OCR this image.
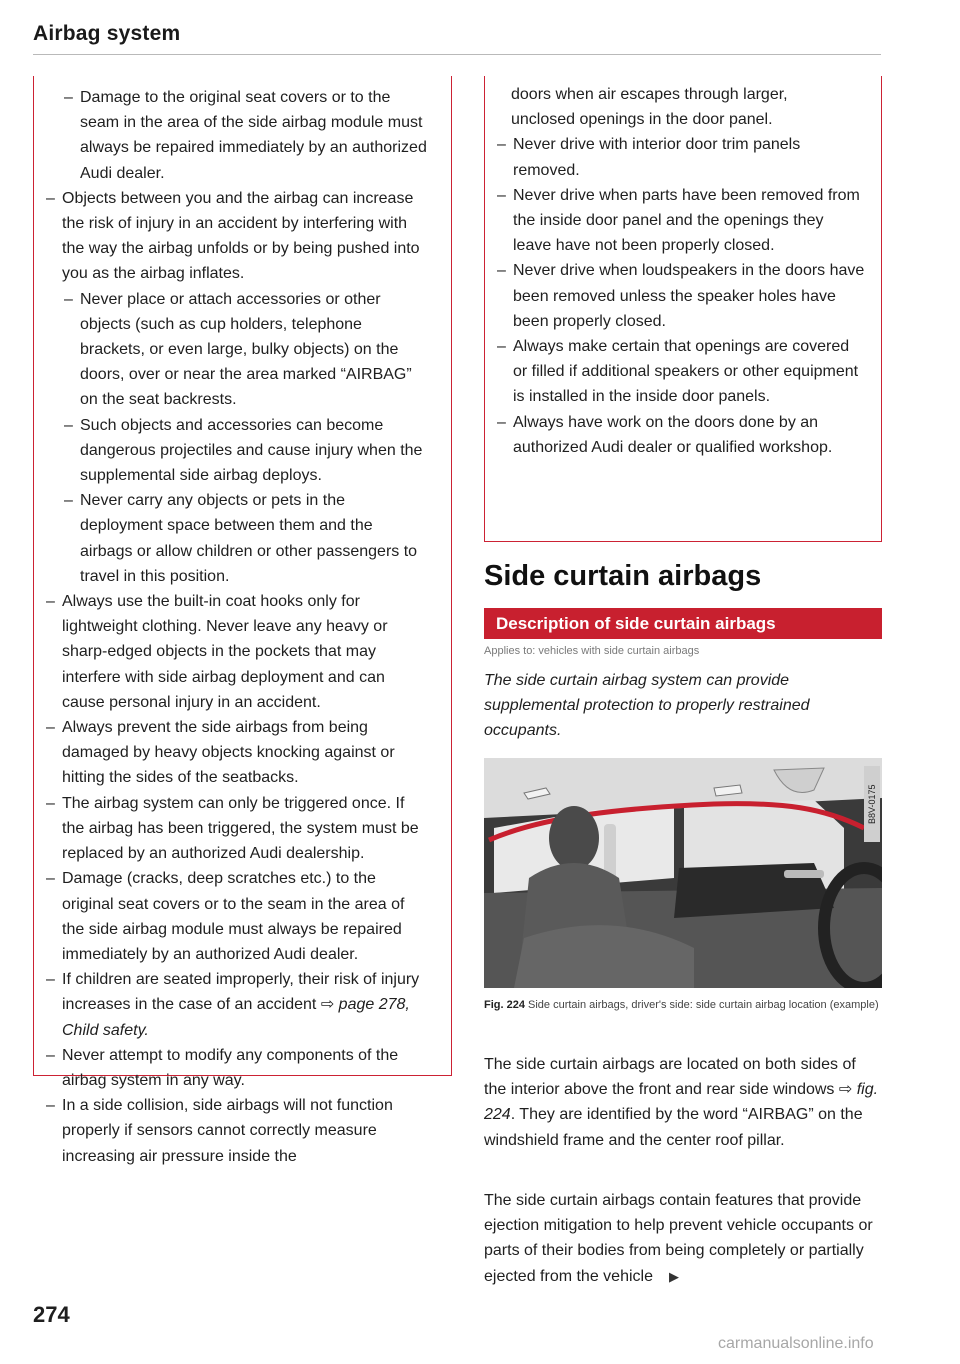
Airbag system
– Damage to the original seat covers or to the seam in the area of the side airbag module must always be repaired immediately by an authorized Audi dealer.
– Objects between you and the airbag can increase the risk of injury in an accident by interfering with the way the airbag unfolds or by being pushed into you as the airbag inflates.
– Never place or attach accessories or other objects (such as cup holders, telephone brackets, or even large, bulky objects) on the doors, over or near the area marked “AIRBAG” on the seat backrests.
– Such objects and accessories can become dangerous projectiles and cause injury when the supplemental side airbag deploys.
– Never carry any objects or pets in the deployment space between them and the airbags or allow children or other passengers to travel in this position.
– Always use the built-in coat hooks only for lightweight clothing. Never leave any heavy or sharp-edged objects in the pockets that may interfere with side airbag deployment and can cause personal injury in an accident.
– Always prevent the side airbags from being damaged by heavy objects knocking against or hitting the sides of the seatbacks.
– The airbag system can only be triggered once. If the airbag has been triggered, the system must be replaced by an authorized Audi dealership.
– Damage (cracks, deep scratches etc.) to the original seat covers or to the seam in the area of the side airbag module must always be repaired immediately by an authorized Audi dealer.
– If children are seated improperly, their risk of injury increases in the case of an accident ⇨ page 278, Child safety.
– Never attempt to modify any components of the airbag system in any way.
– In a side collision, side airbags will not function properly if sensors cannot correctly measure increasing air pressure inside the

doors when air escapes through larger, unclosed openings in the door panel.

– Never drive with interior door trim panels removed.
– Never drive when parts have been removed from the inside door panel and the openings they leave have not been properly closed.
– Never drive when loudspeakers in the doors have been removed unless the speaker holes have been properly closed.
– Always make certain that openings are covered or filled if additional speakers or other equipment is installed in the inside door panels.
– Always have work on the doors done by an authorized Audi dealer or qualified workshop.
Side curtain airbags
Description of side curtain airbags
Applies to: vehicles with side curtain airbags

The side curtain airbag system can provide supplemental protection to properly restrained occupants.

B8V-0175
Fig. 224 Side curtain airbags, driver's side: side curtain airbag location (example)

The side curtain airbags are located on both sides of the interior above the front and rear side windows ⇨ fig. 224. They are identified by the word “AIRBAG” on the windshield frame and the center roof pillar.

The side curtain airbags contain features that provide ejection mitigation to help prevent vehicle occupants or parts of their bodies from being completely or partially ejected from the vehicle ▶

274
carmanualsonline.info
